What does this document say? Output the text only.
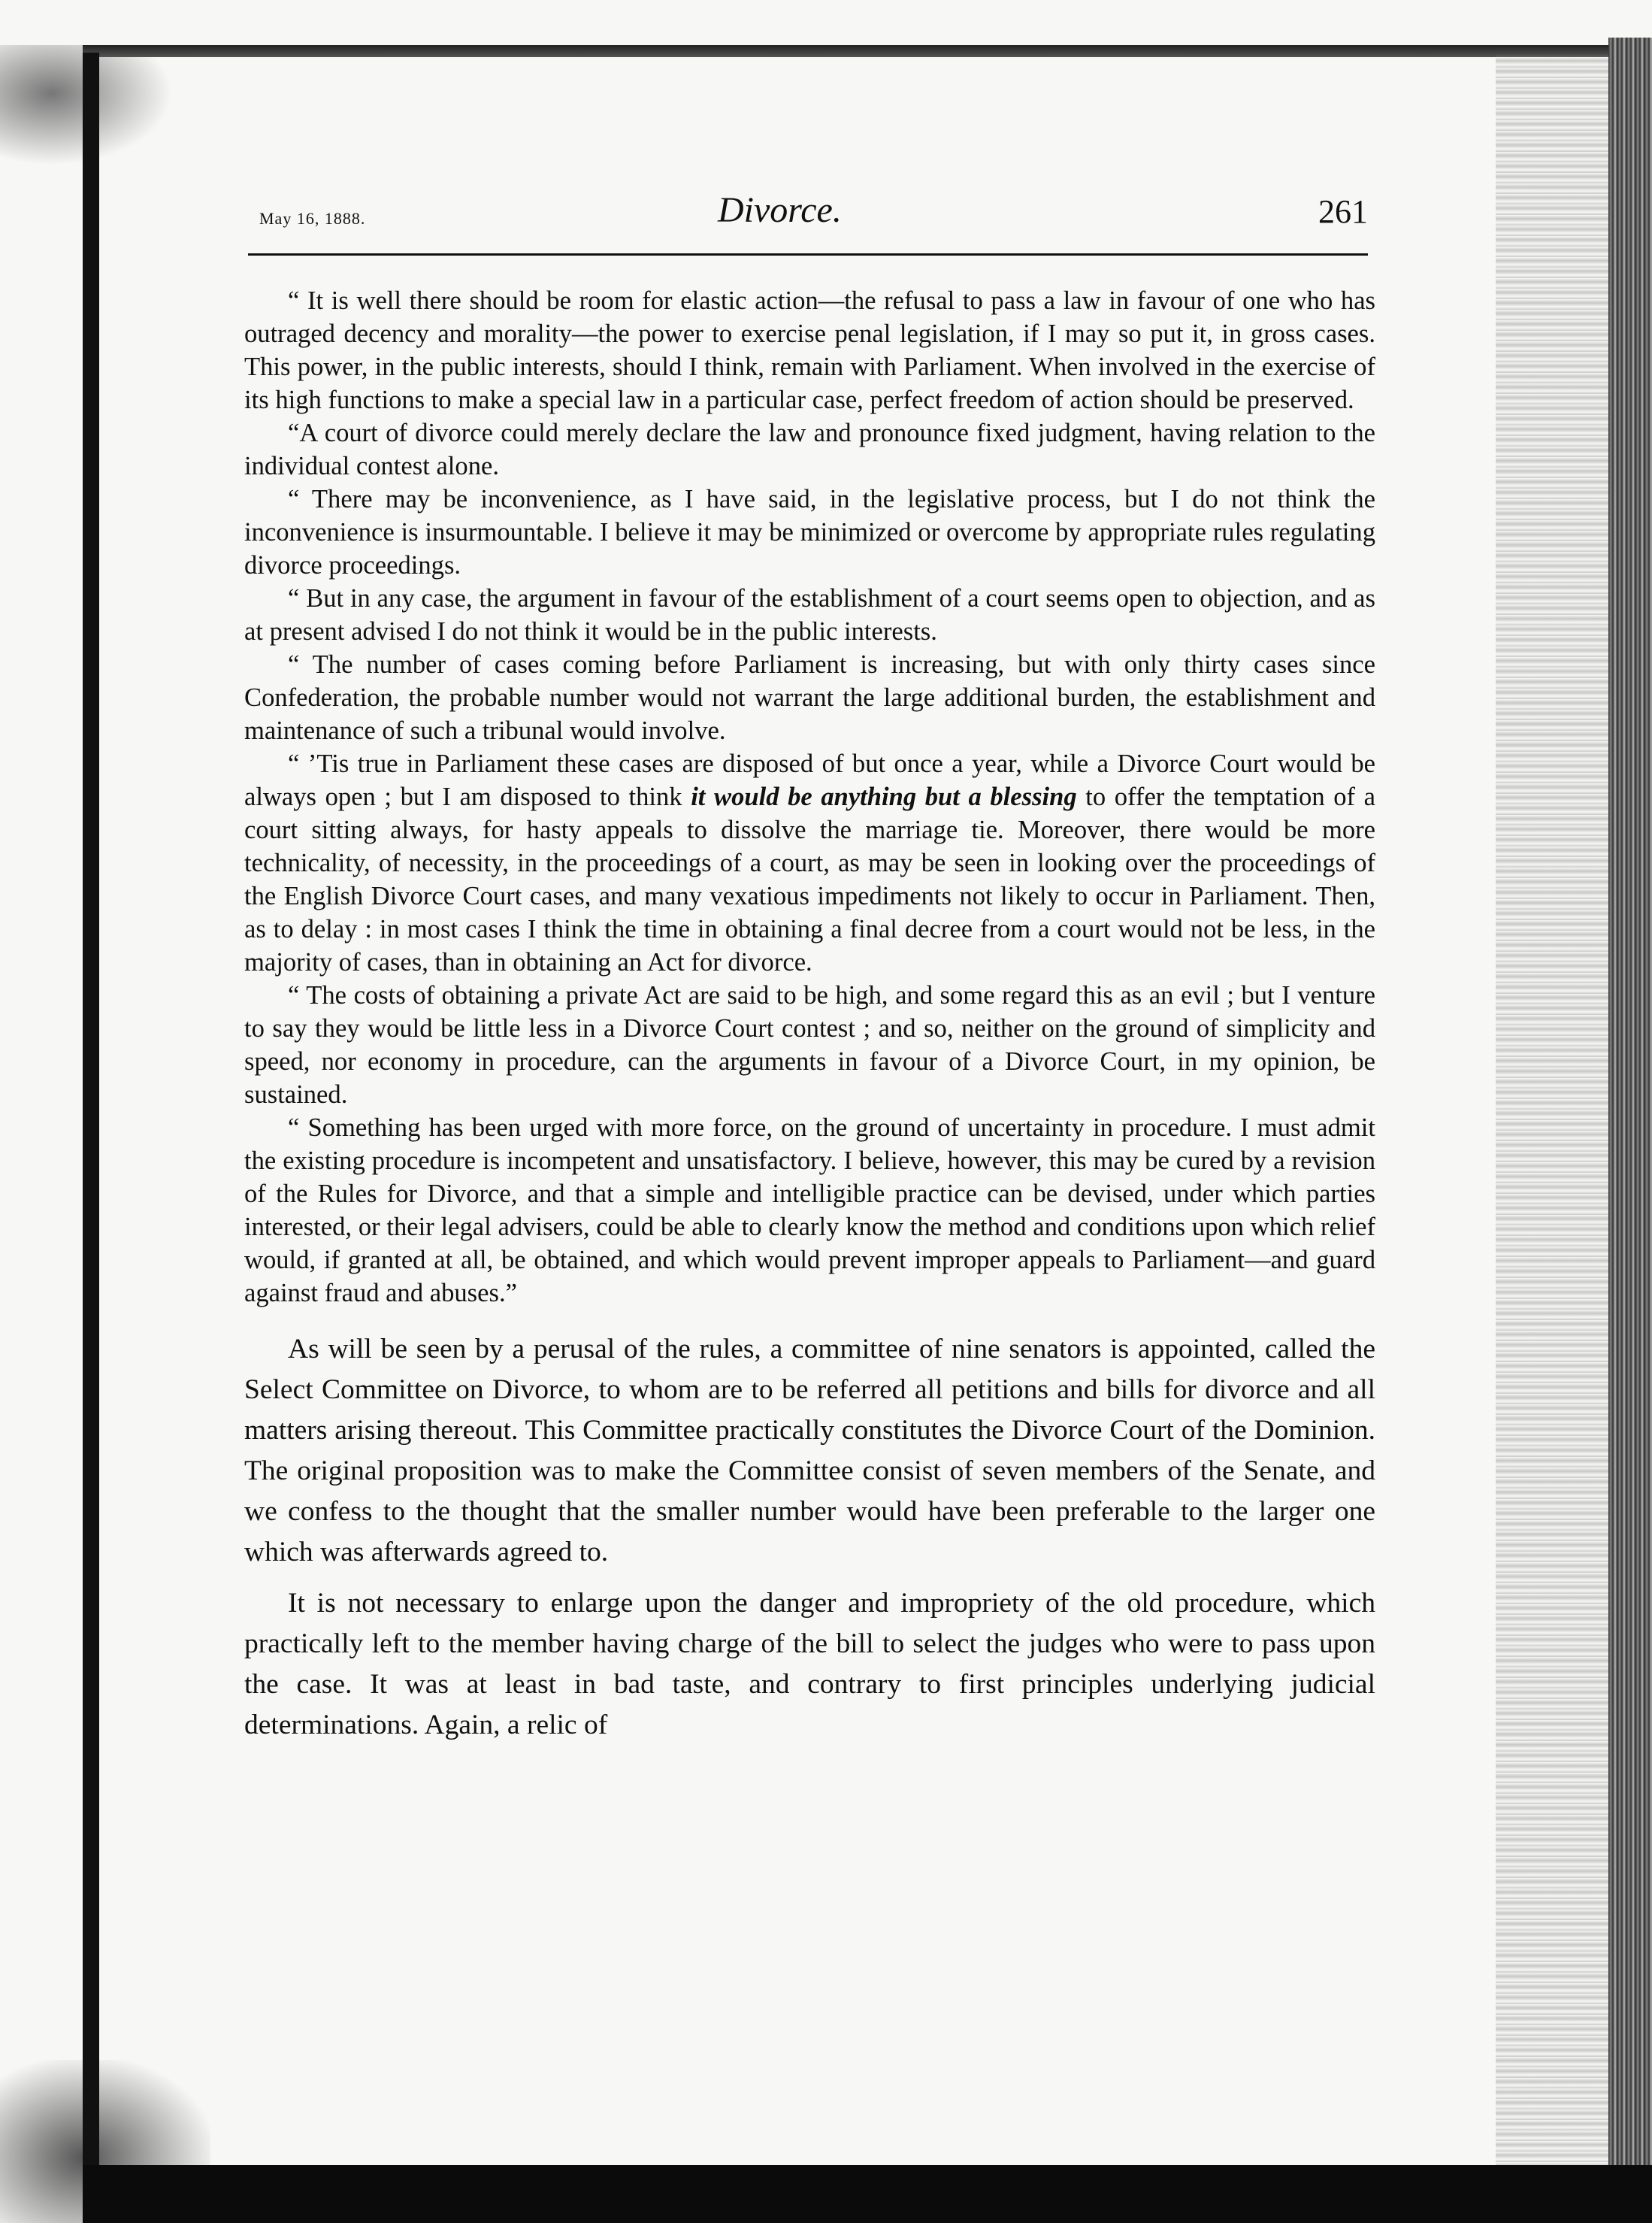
May 16, 1888.	Divorce.	261

“ It is well there should be room for elastic action—the refusal to pass a law in favour of one who has outraged decency and morality—the power to exercise penal legislation, if I may so put it, in gross cases. This power, in the public interests, should I think, remain with Parliament. When involved in the exercise of its high functions to make a special law in a particular case, perfect freedom of action should be preserved.

“A court of divorce could merely declare the law and pronounce fixed judgment, having relation to the individual contest alone.

“ There may be inconvenience, as I have said, in the legislative process, but I do not think the inconvenience is insurmountable. I believe it may be minimized or overcome by appropriate rules regulating divorce proceedings.

“ But in any case, the argument in favour of the establishment of a court seems open to objection, and as at present advised I do not think it would be in the public interests.

“ The number of cases coming before Parliament is increasing, but with only thirty cases since Confederation, the probable number would not warrant the large additional burden, the establishment and maintenance of such a tribunal would involve.

“ ’Tis true in Parliament these cases are disposed of but once a year, while a Divorce Court would be always open ; but I am disposed to think it would be anything but a blessing to offer the temptation of a court sitting always, for hasty appeals to dissolve the marriage tie. Moreover, there would be more technicality, of necessity, in the proceedings of a court, as may be seen in looking over the proceedings of the English Divorce Court cases, and many vexatious impediments not likely to occur in Parliament. Then, as to delay : in most cases I think the time in obtaining a final decree from a court would not be less, in the majority of cases, than in obtaining an Act for divorce.

“ The costs of obtaining a private Act are said to be high, and some regard this as an evil ; but I venture to say they would be little less in a Divorce Court contest ; and so, neither on the ground of simplicity and speed, nor economy in procedure, can the arguments in favour of a Divorce Court, in my opinion, be sustained.

“ Something has been urged with more force, on the ground of uncertainty in procedure. I must admit the existing procedure is incompetent and unsatisfactory. I believe, however, this may be cured by a revision of the Rules for Divorce, and that a simple and intelligible practice can be devised, under which parties interested, or their legal advisers, could be able to clearly know the method and conditions upon which relief would, if granted at all, be obtained, and which would prevent improper appeals to Parliament—and guard against fraud and abuses.”

As will be seen by a perusal of the rules, a committee of nine senators is appointed, called the Select Committee on Divorce, to whom are to be referred all petitions and bills for divorce and all matters arising thereout. This Committee practically constitutes the Divorce Court of the Dominion. The original proposition was to make the Committee consist of seven members of the Senate, and we confess to the thought that the smaller number would have been preferable to the larger one which was afterwards agreed to.

It is not necessary to enlarge upon the danger and impropriety of the old procedure, which practically left to the member having charge of the bill to select the judges who were to pass upon the case. It was at least in bad taste, and contrary to first principles underlying judicial determinations. Again, a relic of
